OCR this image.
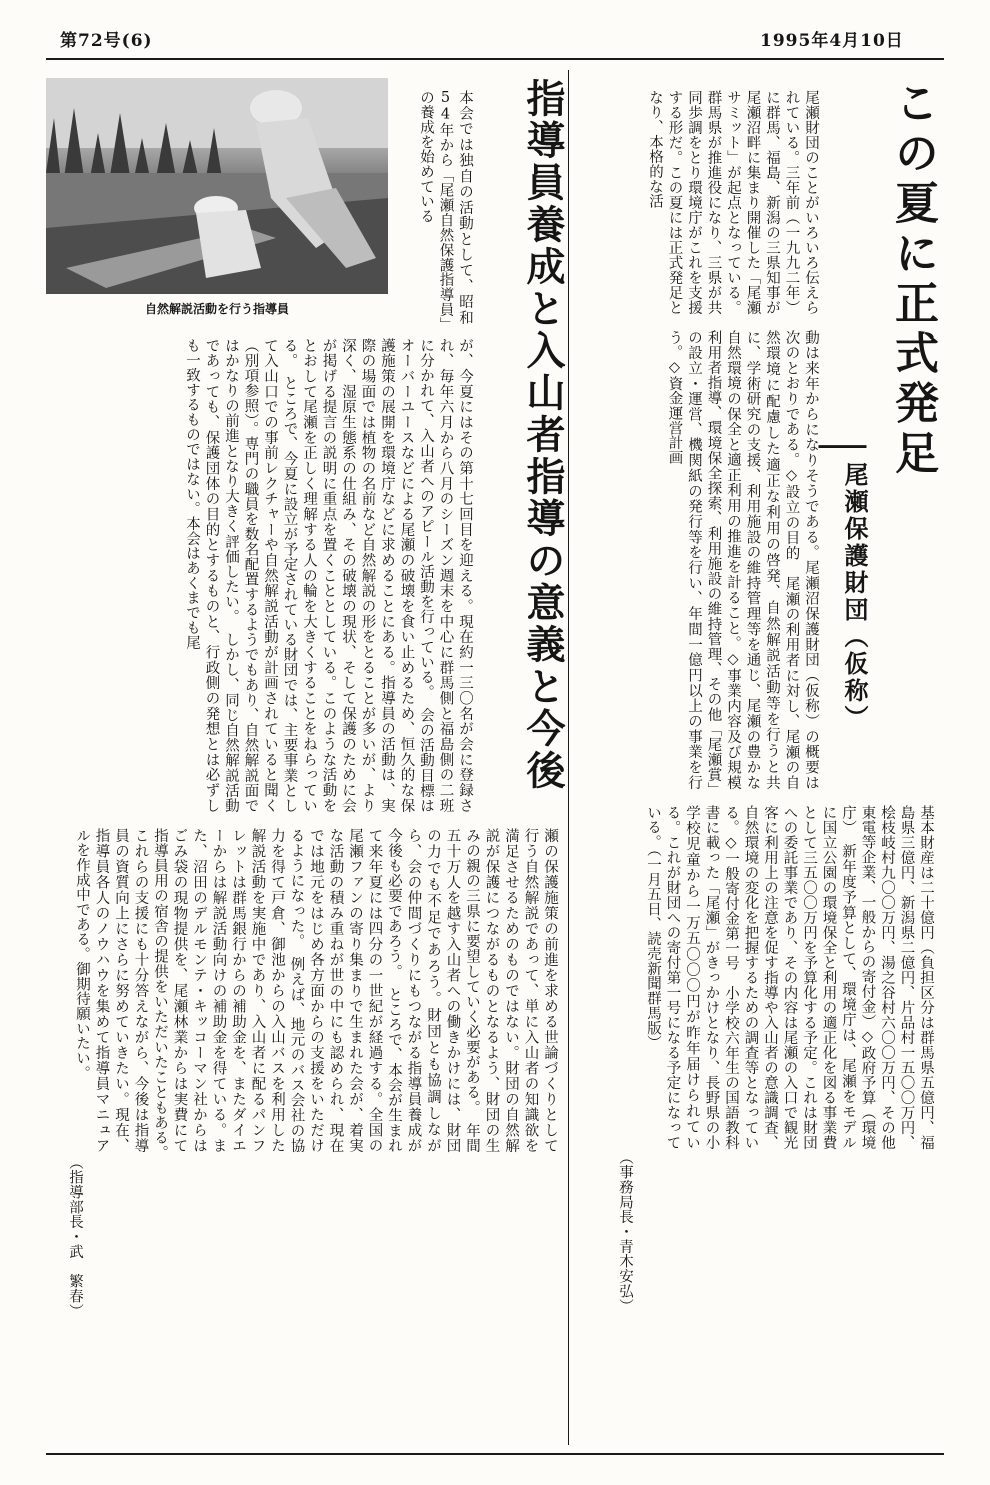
第72号(6)	1995年4月10日
この夏に正式発足
―尾瀬保護財団（仮称）―
尾瀬財団のことがいろいろ伝えられている。三年前（一九九二年）に群馬、福島、新潟の三県知事が尾瀬沼畔に集まり開催した「尾瀬サミット」が起点となっている。群馬県が推進役になり、三県が共同歩調をとり環境庁がこれを支援する形だ。この夏には正式発足となり、本格的な活
動は来年からになりそうである。尾瀬沼保護財団（仮称）の概要は次のとおりである。◇設立の目的　尾瀬の利用者に対し、尾瀬の自然環境に配慮した適正な利用の啓発、自然解説活動等を行うと共に、学術研究の支援、利用施設の維持管理等を通じ、尾瀬の豊かな自然環境の保全と適正利用の推進を計ること。◇事業内容及び規模　利用者指導、環境保全探索、利用施設の維持管理、その他「尾瀬賞」の設立・運営、機関紙の発行等を行い、年間一億円以上の事業を行う。◇資金運営計画
基本財産は二十億円（負担区分は群馬県五億円、福島県三億円、新潟県二億円、片品村一五〇〇万円、桧枝岐村九〇〇万円、湯之谷村六〇〇万円、その他東電等企業、一般からの寄付金）◇政府予算（環境庁）　新年度予算として、環境庁は、尾瀬をモデルに国立公園の環境保全と利用の適正化を図る事業費として三五〇〇万円を予算化する予定。これは財団への委託事業であり、その内容は尾瀬の入口で観光客に利用上の注意を促す指導や入山者の意識調査、自然環境の変化を把握するための調査等となっている。◇一般寄付金第一号　小学校六年生の国語教科書に載った「尾瀬」がきっかけとなり、長野県の小学校児童から一万五〇〇〇円が昨年届けられている。これが財団への寄付第一号になる予定になっている。（一月五日、読売新聞群馬版）
（事務局長・青木安弘）
指導員養成と入山者指導の意義と今後
自然解説活動を行う指導員	本会では独自の活動として、昭和54年から「尾瀬自然保護指導員」の養成を始めている
が、今夏にはその第十七回目を迎える。現在約一三〇名が会に登録され、毎年六月から八月のシーズン週末を中心に群馬側と福島側の二班に分かれて、入山者へのアピール活動を行っている。　会の活動目標はオーバーユースなどによる尾瀬の破壊を食い止めるため、恒久的な保護施策の展開を環境庁などに求めることにある。指導員の活動は、実際の場面では植物の名前など自然解説の形をとることが多いが、より深く、湿原生態系の仕組み、その破壊の現状、そして保護のために会が掲げる提言の説明に重点を置くこととしている。このような活動をとおして尾瀬を正しく理解する人の輪を大きくすることをねらっている。　ところで、今夏に設立が予定されている財団では、主要事業として入山口での事前レクチャーや自然解説活動が計画されていると聞く（別項参照）。専門の職員を数名配置するようでもあり、自然解説面ではかなりの前進となり大きく評価したい。　しかし、同じ自然解説活動であっても、保護団体の目的とするものと、行政側の発想とは必ずしも一致するものではない。本会はあくまでも尾
瀬の保護施策の前進を求める世論づくりとして行う自然解説であって、単に入山者の知識欲を満足させるためのものではない。財団の自然解説が保護につながるものとなるよう、財団の生みの親の三県に要望していく必要がある。　年間五十万人を越す入山者への働きかけには、財団の力でも不足であろう。財団とも協調しながら、会の仲間づくりにもつながる指導員養成が今後も必要であろう。　ところで、本会が生まれて来年夏には四分の一世紀が経過する。全国の尾瀬ファンの寄り集まりで生まれた会が、着実な活動の積み重ねが世の中にも認められ、現在では地元をはじめ各方面からの支援をいただけるようになった。　例えば、地元のバス会社の協力を得て戸倉、御池からの入山バスを利用した解説活動を実施中であり、入山者に配るパンフレットは群馬銀行からの補助金を、またダイエーからは解説活動向けの補助金を得ている。また、沼田のデルモンテ・キッコーマン社からはごみ袋の現物提供を、尾瀬林業からは実費にて指導員用の宿舎の提供をいただいたこともある。　これらの支援にも十分答えながら、今後は指導員の資質向上にさらに努めていきたい。現在、指導員各人のノウハウを集めて指導員マニュアルを作成中である。御期待願いたい。
（指導部長・武　繁春）
